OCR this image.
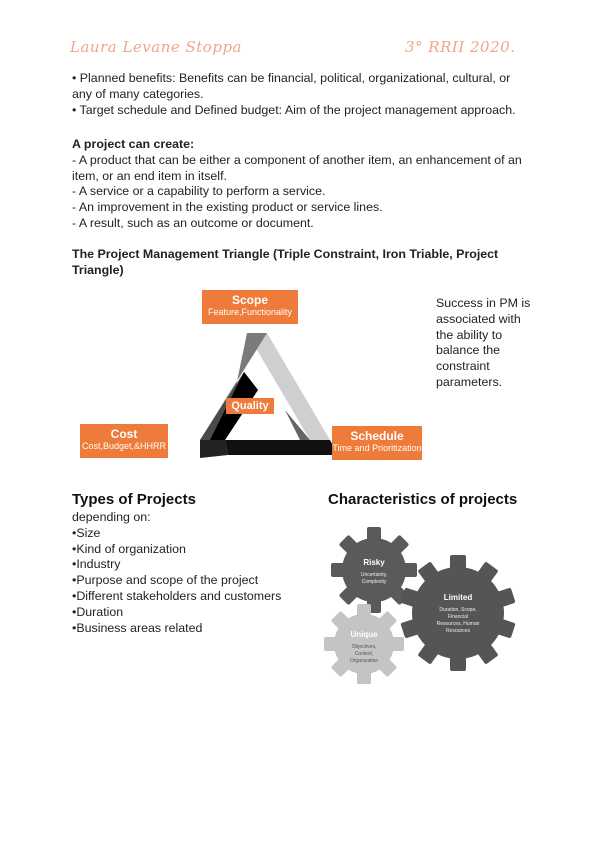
Laura Levane Stoppa	3° RRII 2020.

• Planned benefits: Benefits can be financial, political, organizational, cultural, or any of many categories.

• Target schedule and Defined budget: Aim of the project management approach.

A project can create:

- A product that can be either a component of another item, an enhancement of an item, or an end item in itself.

- A service or a capability to perform a service.

- An improvement in the existing product or service lines.

- A result, such as an outcome or document.

The Project Management Triangle (Triple Constraint, Iron Triable, Project Triangle)
Scope
Feature,Functionality
Quality
Cost
Cost,Budget,&HHRR
Schedule
Time and Prioritization
Success in PM is associated with the ability to balance the constraint parameters.
Types of Projects
depending on:
•Size
•Kind of organization
•Industry
•Purpose and scope of the project
•Different stakeholders and customers
•Duration
•Business areas related
Characteristics of projects
Risky
Uncertainty,
Complexity
Limited
Duration, Scope,
Financial
Resources, Human
Resources
Unique
Objectives,
Context,
Organization
